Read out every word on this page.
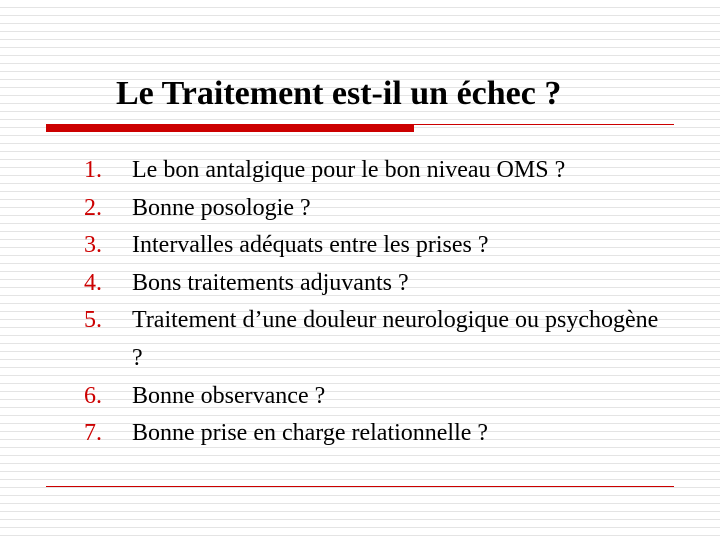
Le Traitement est-il un échec ?
1.	Le bon antalgique pour le bon niveau OMS ?
2.	Bonne posologie ?
3.	Intervalles adéquats entre les prises ?
4.	Bons traitements adjuvants ?
5.	Traitement d’une douleur neurologique ou psychogène ?
6.	Bonne observance ?
7.	Bonne prise en charge relationnelle ?
